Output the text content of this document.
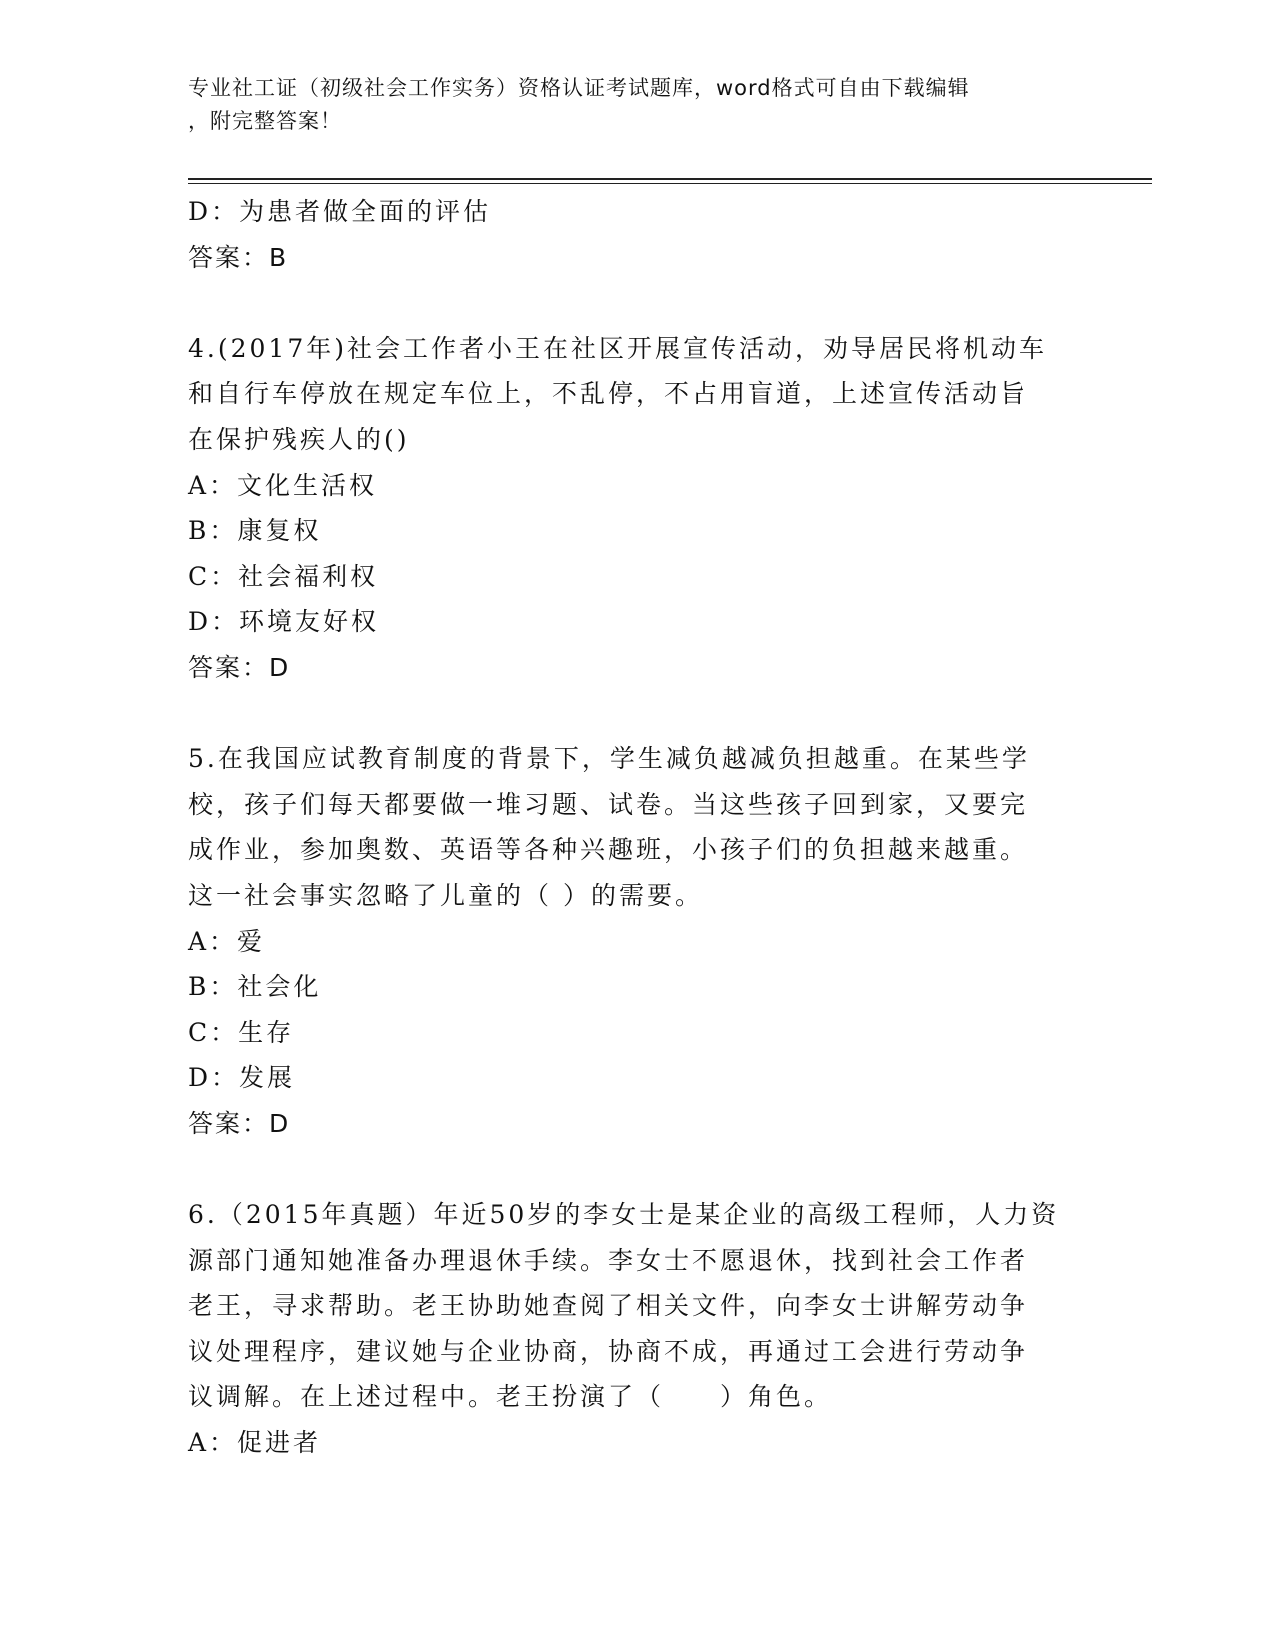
专业社工证（初级社会工作实务）资格认证考试题库，word格式可自由下载编辑
，附完整答案！
D：为患者做全面的评估
答案：B
4.(2017年)社会工作者小王在社区开展宣传活动，劝导居民将机动车
和自行车停放在规定车位上，不乱停，不占用盲道，上述宣传活动旨
在保护残疾人的()
A：文化生活权
B：康复权
C：社会福利权
D：环境友好权
答案：D
5.在我国应试教育制度的背景下，学生减负越减负担越重。在某些学
校，孩子们每天都要做一堆习题、试卷。当这些孩子回到家，又要完
成作业，参加奥数、英语等各种兴趣班，小孩子们的负担越来越重。
这一社会事实忽略了儿童的（ ）的需要。
A：爱
B：社会化
C：生存
D：发展
答案：D
6.（2015年真题）年近50岁的李女士是某企业的高级工程师，人力资
源部门通知她准备办理退休手续。李女士不愿退休，找到社会工作者
老王，寻求帮助。老王协助她查阅了相关文件，向李女士讲解劳动争
议处理程序，建议她与企业协商，协商不成，再通过工会进行劳动争
议调解。在上述过程中。老王扮演了（　　）角色。
A：促进者
